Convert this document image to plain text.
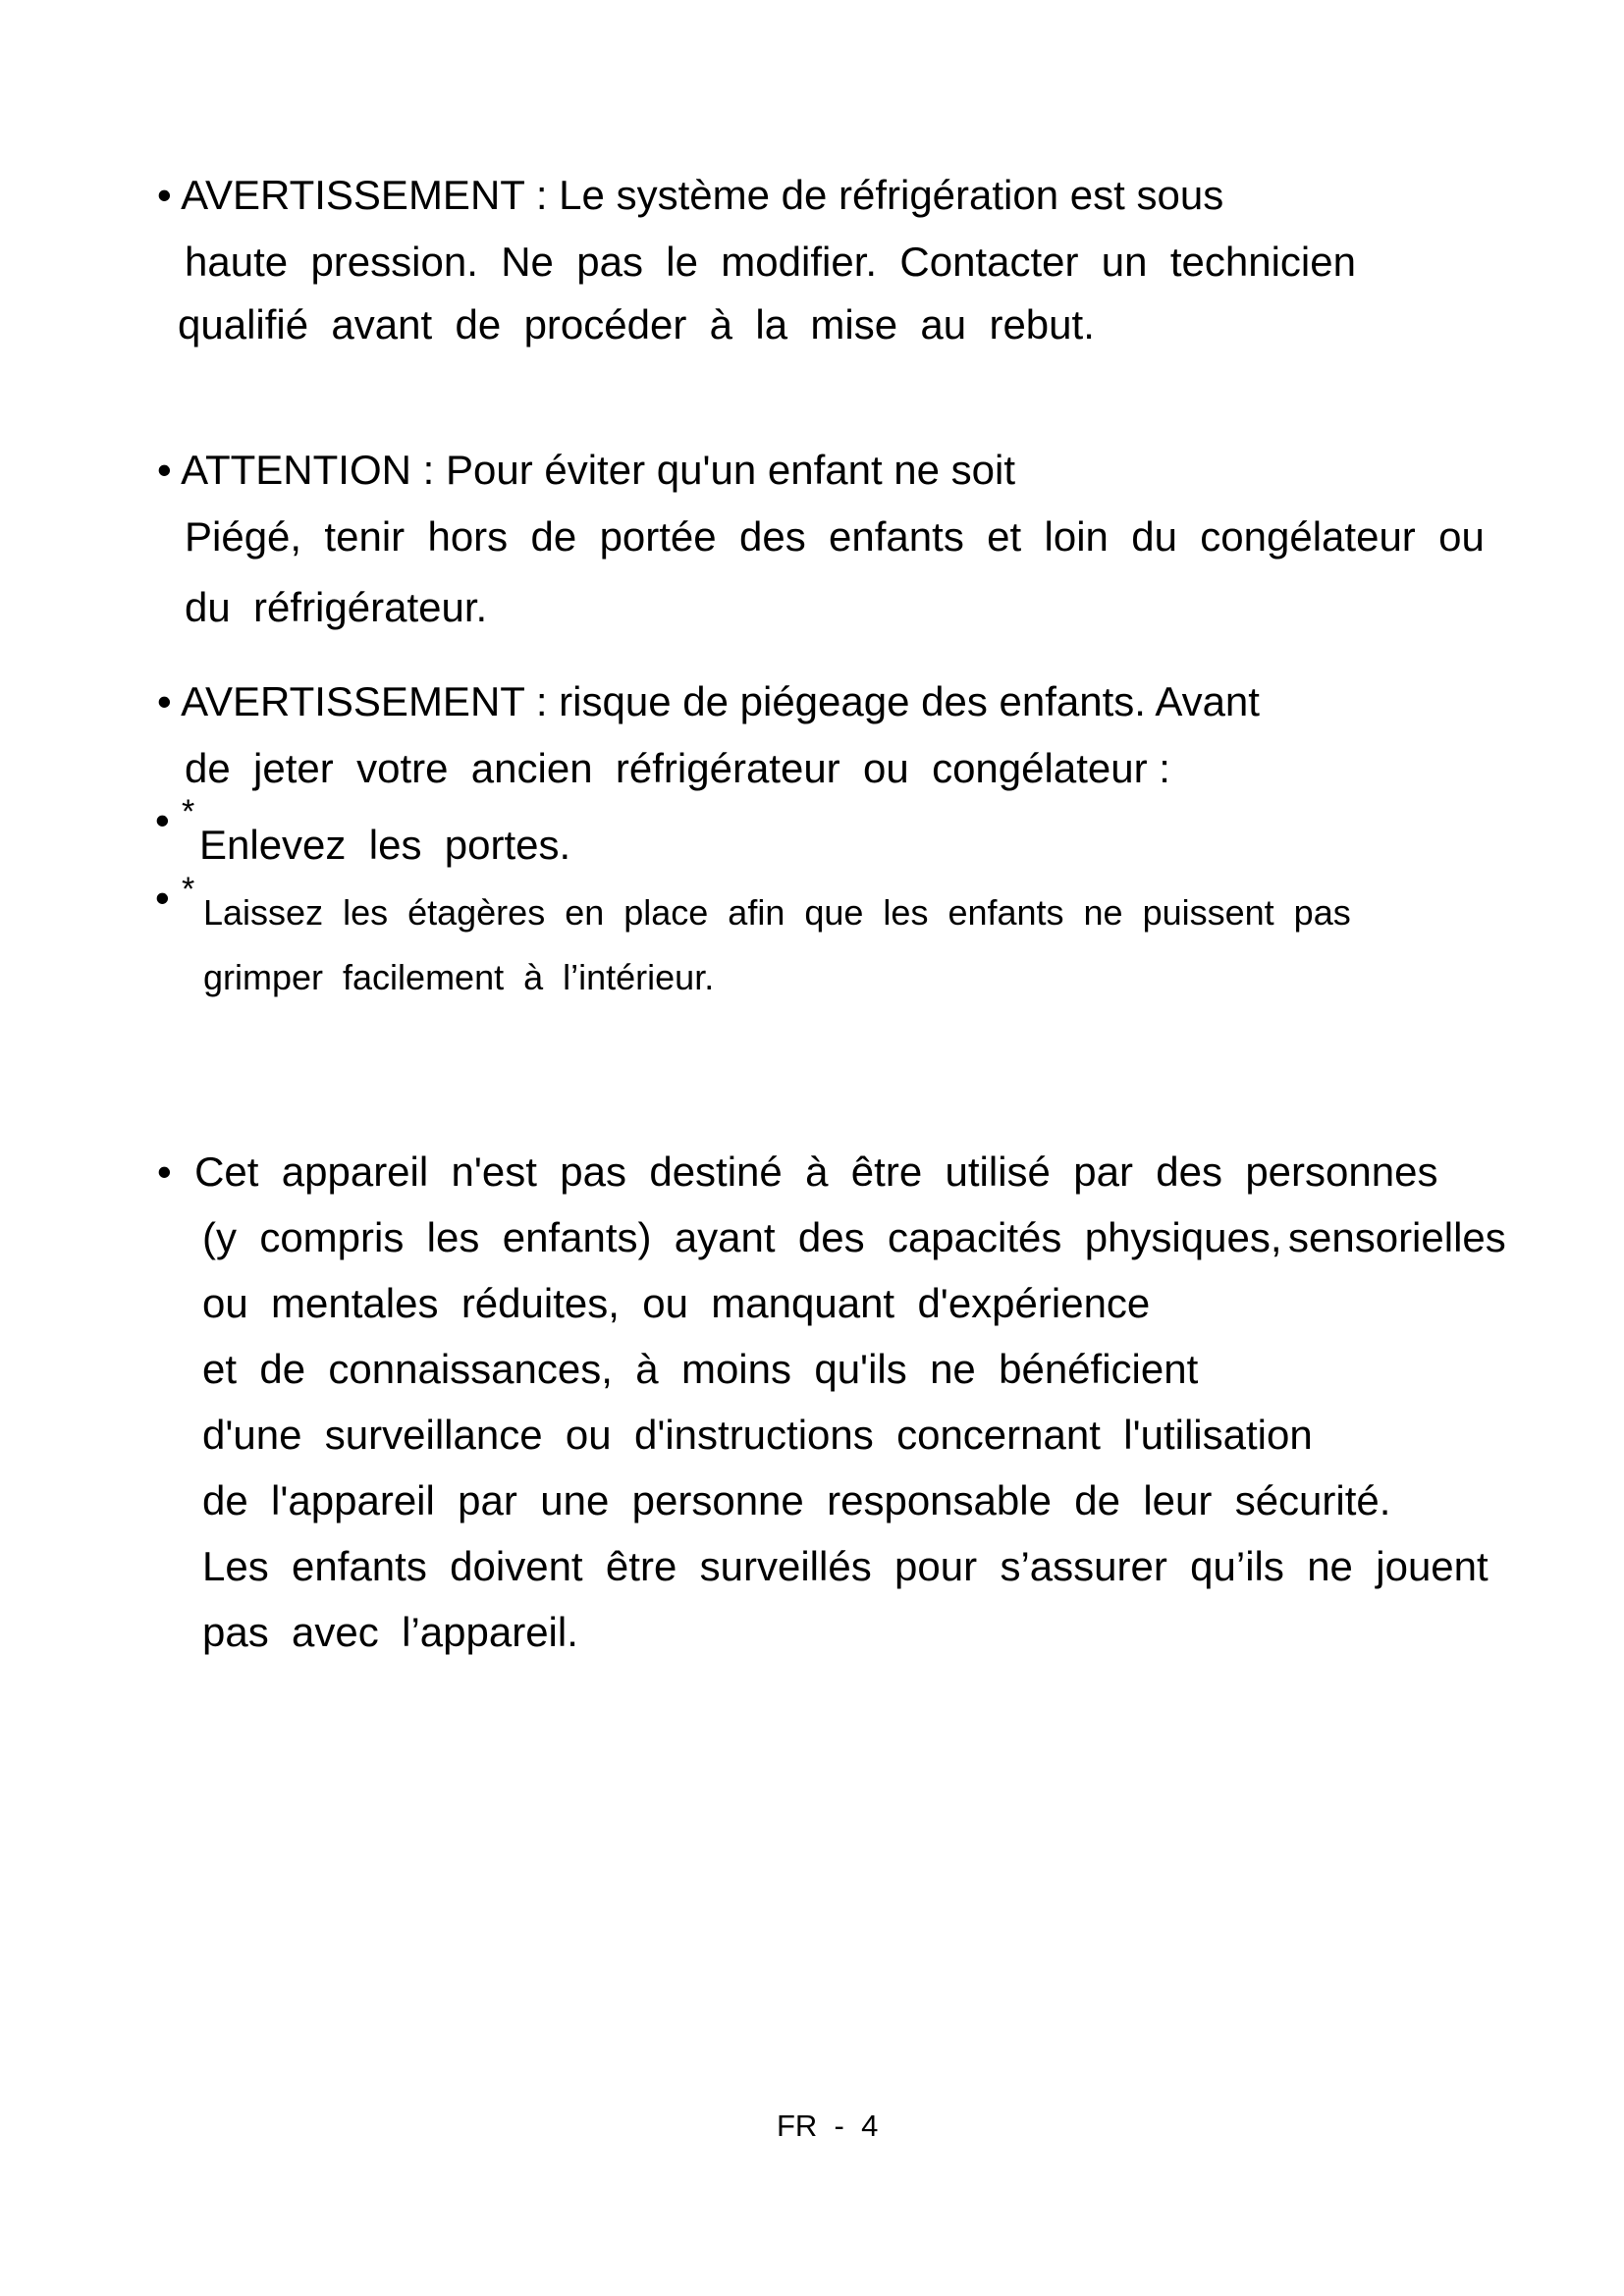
• AVERTISSEMENT : Le système de réfrigération est sous
haute  pression.  Ne  pas  le  modifier.  Contacter  un  technicien
qualifié  avant  de  procéder  à  la  mise  au  rebut.
• ATTENTION : Pour éviter qu'un enfant ne soit
Piégé,  tenir  hors  de  portée  des  enfants  et  loin  du  congélateur  ou
du  réfrigérateur.
• AVERTISSEMENT : risque de piégeage des enfants. Avant
de  jeter  votre  ancien  réfrigérateur  ou  congélateur :
• *
Enlevez  les  portes.
• *
Laissez  les  étagères  en  place  afin  que  les  enfants  ne  puissent  pas
grimper  facilement  à  l’intérieur.
• Cet  appareil  n'est  pas  destiné  à  être  utilisé  par  des  personnes
(y  compris  les  enfants)  ayant  des  capacités  physiques, sensorielles
ou  mentales  réduites,  ou  manquant  d'expérience
et  de  connaissances,  à  moins  qu'ils  ne  bénéficient
d'une  surveillance  ou  d'instructions  concernant  l'utilisation
de  l'appareil  par  une  personne  responsable  de  leur  sécurité.
Les  enfants  doivent  être  surveillés  pour  s’assurer  qu’ils  ne  jouent
pas  avec  l’appareil.
FR  -  4
